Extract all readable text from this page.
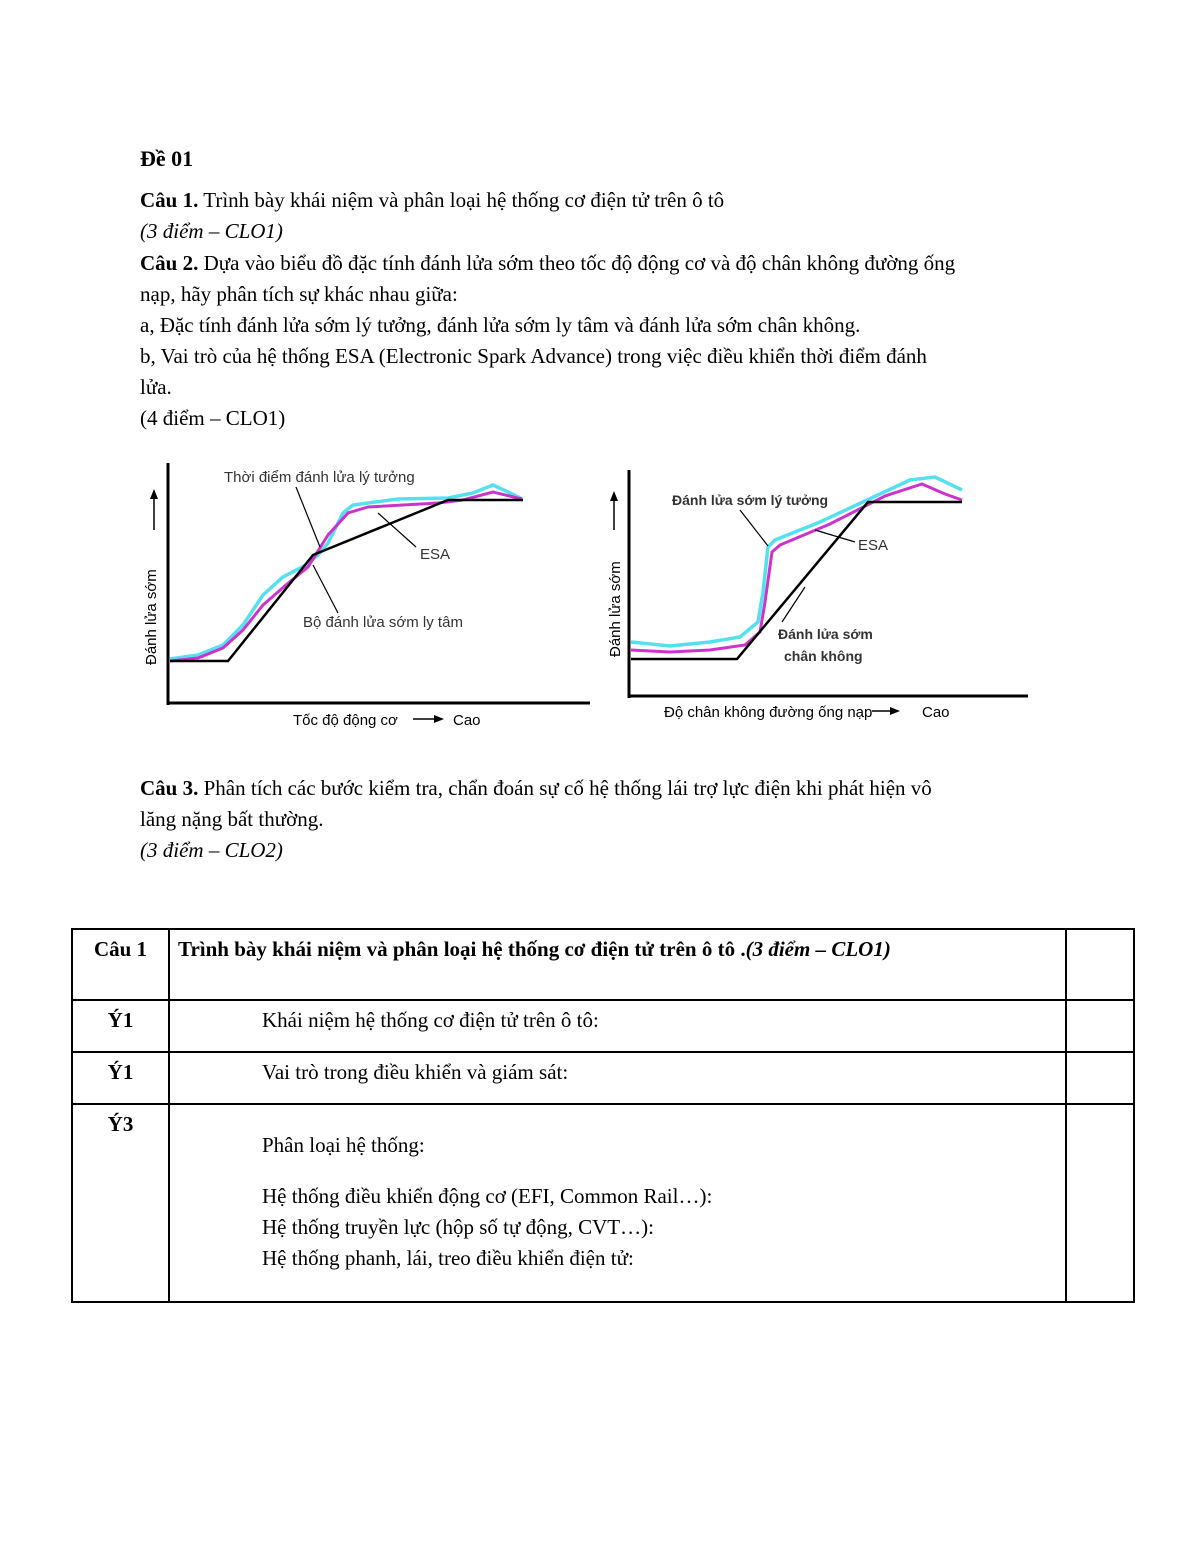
Đề 01
Câu 1. Trình bày khái niệm và phân loại hệ thống cơ điện tử trên ô tô
(3 điểm – CLO1)
Câu 2. Dựa vào biểu đồ đặc tính đánh lửa sớm theo tốc độ động cơ và độ chân không đường ống
nạp, hãy phân tích sự khác nhau giữa:
a, Đặc tính đánh lửa sớm lý tưởng, đánh lửa sớm ly tâm và đánh lửa sớm chân không.
b, Vai trò của hệ thống ESA (Electronic Spark Advance) trong việc điều khiển thời điểm đánh
lửa.
(4 điểm – CLO1)
Đánh lửa sớm
Thời điểm đánh lửa lý tưởng
ESA
Bộ đánh lửa sớm ly tâm
Tốc độ động cơ	Cao
Đánh lửa sớm
Đánh lửa sớm lý tưởng
ESA
Đánh lửa sớm
chân không
Độ chân không đường ống nạp	Cao
Câu 3. Phân tích các bước kiểm tra, chẩn đoán sự cố hệ thống lái trợ lực điện khi phát hiện vô
lăng nặng bất thường.
(3 điểm – CLO2)
Câu 1	Trình bày khái niệm và phân loại hệ thống cơ điện tử trên ô tô .(3 điểm – CLO1)	

Ý1	Khái niệm hệ thống cơ điện tử trên ô tô:	

Ý1	Vai trò trong điều khiển và giám sát:	

Ý3	Phân loại hệ thống:
Hệ thống điều khiển động cơ (EFI, Common Rail…):
Hệ thống truyền lực (hộp số tự động, CVT…):
Hệ thống phanh, lái, treo điều khiển điện tử:	
